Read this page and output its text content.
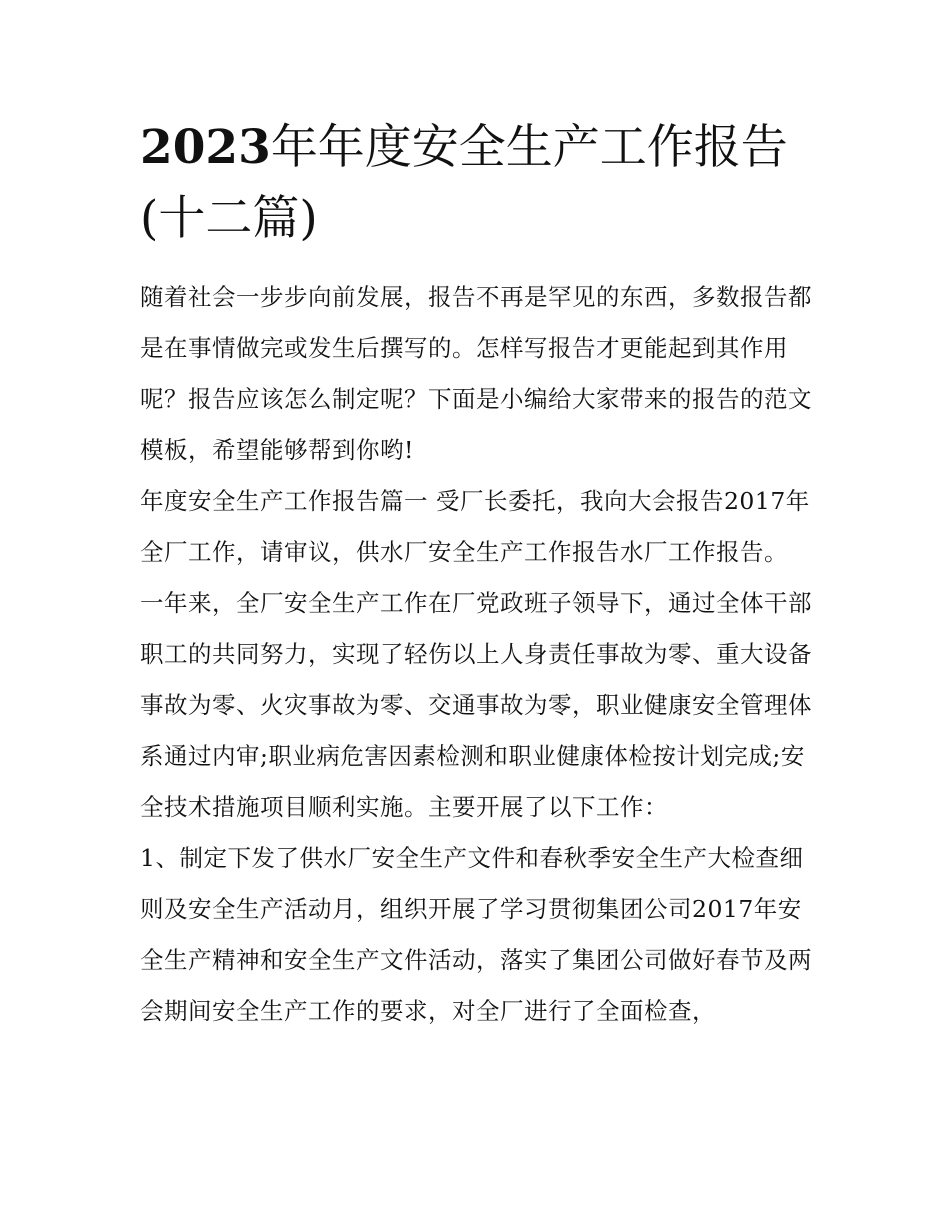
2023年年度安全生产工作报告(十二篇)

随着社会一步步向前发展，报告不再是罕见的东西，多数报告都是在事情做完或发生后撰写的。怎样写报告才更能起到其作用呢？报告应该怎么制定呢？下面是小编给大家带来的报告的范文模板，希望能够帮到你哟!

年度安全生产工作报告篇一 受厂长委托，我向大会报告2017年全厂工作，请审议，供水厂安全生产工作报告水厂工作报告。

一年来，全厂安全生产工作在厂党政班子领导下，通过全体干部职工的共同努力，实现了轻伤以上人身责任事故为零、重大设备事故为零、火灾事故为零、交通事故为零，职业健康安全管理体系通过内审;职业病危害因素检测和职业健康体检按计划完成;安全技术措施项目顺利实施。主要开展了以下工作：

1、制定下发了供水厂安全生产文件和春秋季安全生产大检查细则及安全生产活动月，组织开展了学习贯彻集团公司2017年安全生产精神和安全生产文件活动，落实了集团公司做好春节及两会期间安全生产工作的要求，对全厂进行了全面检查，
